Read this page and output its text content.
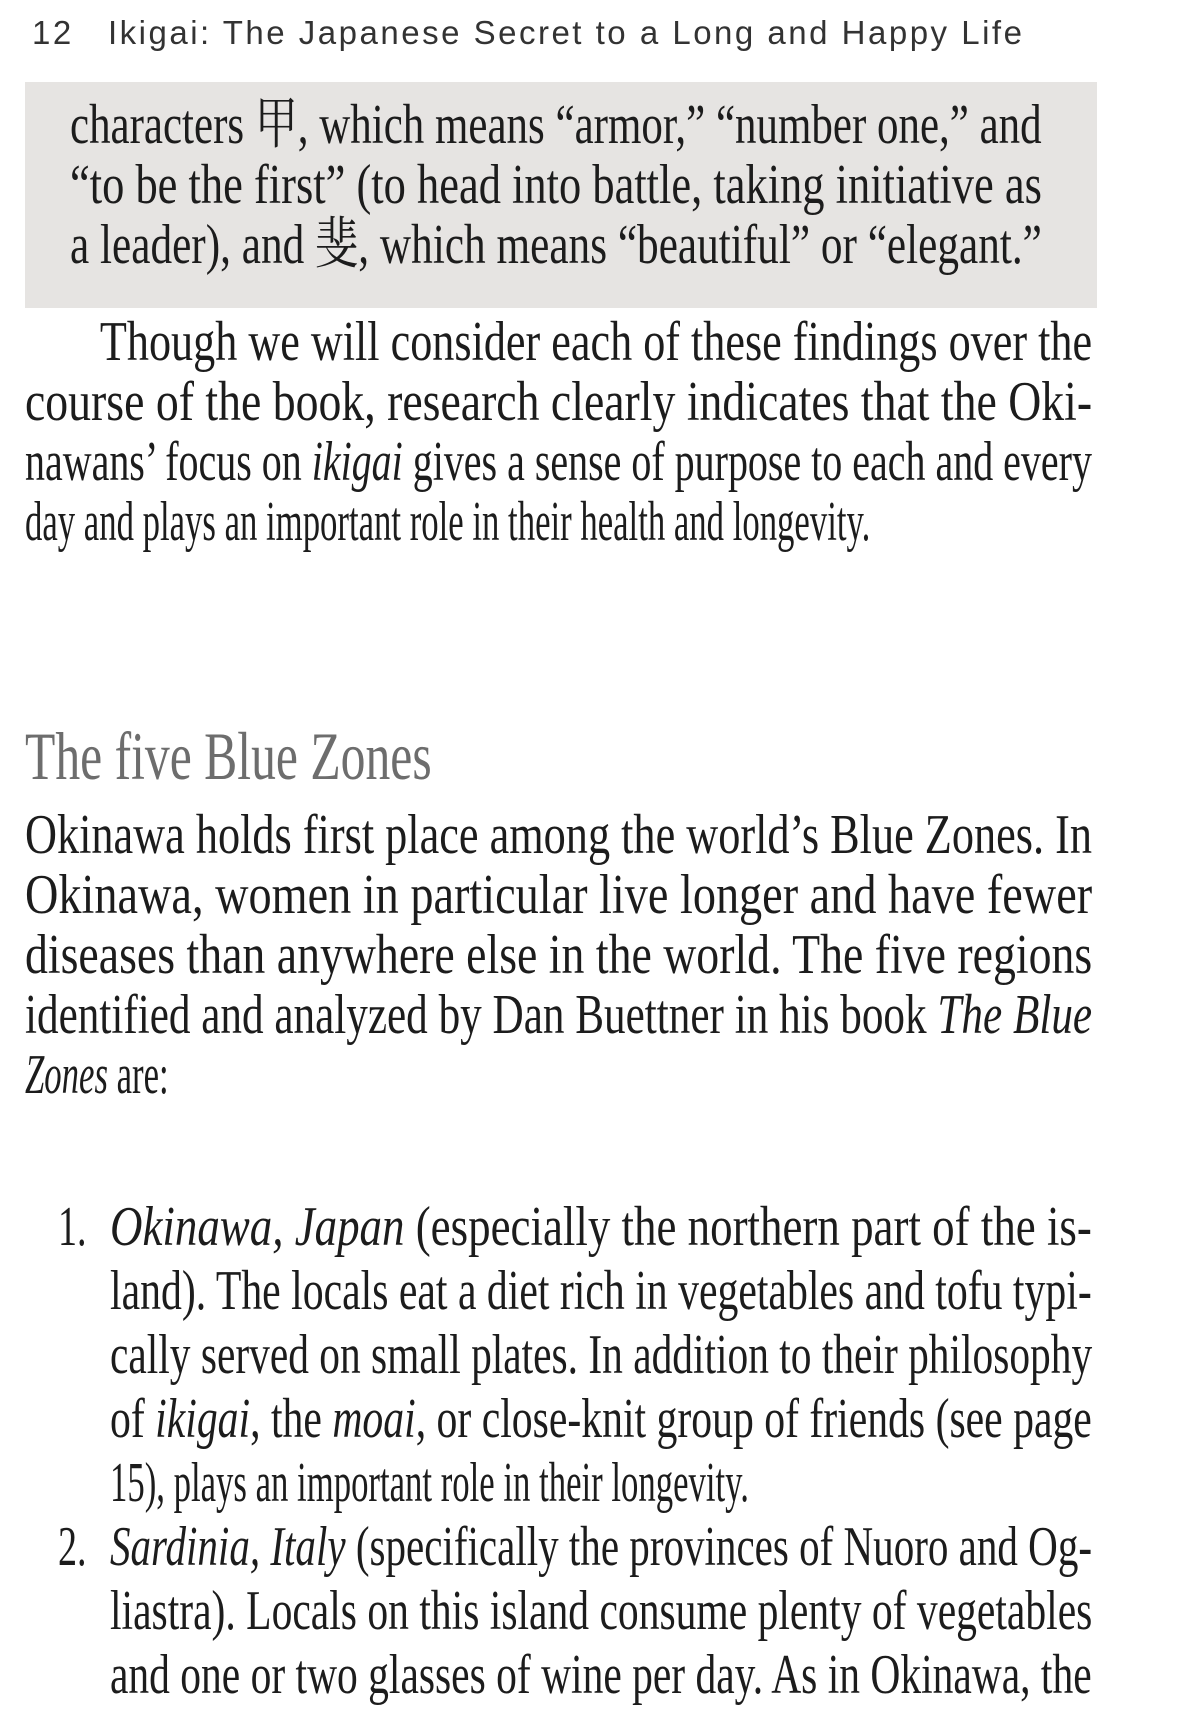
12 Ikigai: The Japanese Secret to a Long and Happy Life
characters 甲, which means “armor,” “number one,” and
“to be the first” (to head into battle, taking initiative as
a leader), and 斐, which means “beautiful” or “elegant.”
Though we will consider each of these findings over the
course of the book, research clearly indicates that the Oki-
nawans’ focus on ikigai gives a sense of purpose to each and every
day and plays an important role in their health and longevity.
The five Blue Zones
Okinawa holds first place among the world’s Blue Zones. In
Okinawa, women in particular live longer and have fewer
diseases than anywhere else in the world. The five regions
identified and analyzed by Dan Buettner in his book The Blue
Zones are:
1. Okinawa, Japan (especially the northern part of the is-
land). The locals eat a diet rich in vegetables and tofu typi-
cally served on small plates. In addition to their philosophy
of ikigai, the moai, or close-knit group of friends (see page
15), plays an important role in their longevity.
2. Sardinia, Italy (specifically the provinces of Nuoro and Og-
liastra). Locals on this island consume plenty of vegetables
and one or two glasses of wine per day. As in Okinawa, the
